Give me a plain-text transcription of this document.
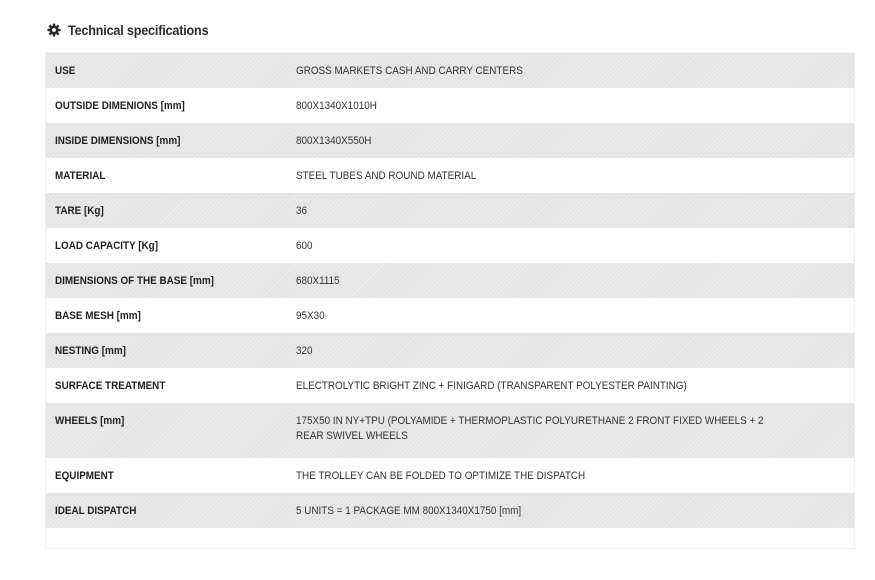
Technical specifications
USE	GROSS MARKETS CASH AND CARRY CENTERS

OUTSIDE DIMENIONS [mm]	800X1340X1010H

INSIDE DIMENSIONS [mm]	800X1340X550H

MATERIAL	STEEL TUBES AND ROUND MATERIAL

TARE [Kg]	36

LOAD CAPACITY [Kg]	600

DIMENSIONS OF THE BASE [mm]	680X1115

BASE MESH [mm]	95X30

NESTING [mm]	320

SURFACE TREATMENT	ELECTROLYTIC BRIGHT ZINC + FINIGARD (TRANSPARENT POLYESTER PAINTING)

WHEELS [mm]	175X50 IN NY+TPU (POLYAMIDE + THERMOPLASTIC POLYURETHANE 2 FRONT FIXED WHEELS + 2 REAR SWIVEL WHEELS

EQUIPMENT	THE TROLLEY CAN BE FOLDED TO OPTIMIZE THE DISPATCH

IDEAL DISPATCH	5 UNITS = 1 PACKAGE MM 800X1340X1750 [mm]
